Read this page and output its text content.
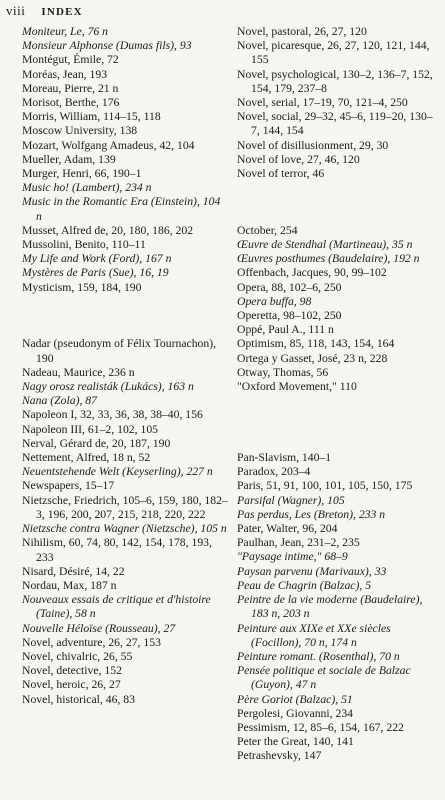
viii INDEX
Moniteur, Le, 76 n
Monsieur Alphonse (Dumas fils), 93
Montégut, Émile, 72
Moréas, Jean, 193
Moreau, Pierre, 21 n
Morisot, Berthe, 176
Morris, William, 114–15, 118
Moscow University, 138
Mozart, Wolfgang Amadeus, 42, 104
Mueller, Adam, 139
Murger, Henri, 66, 190–1
Music ho! (Lambert), 234 n
Music in the Romantic Era (Einstein), 104 n
Musset, Alfred de, 20, 180, 186, 202
Mussolini, Benito, 110–11
My Life and Work (Ford), 167 n
Mystères de Paris (Sue), 16, 19
Mysticism, 159, 184, 190
Nadar (pseudonym of Félix Tournachon), 190
Nadeau, Maurice, 236 n
Nagy orosz realisták (Lukács), 163 n
Nana (Zola), 87
Napoleon I, 32, 33, 36, 38, 38–40, 156
Napoleon III, 61–2, 102, 105
Nerval, Gérard de, 20, 187, 190
Nettement, Alfred, 18 n, 52
Neuentstehende Welt (Keyserling), 227 n
Newspapers, 15–17
Nietzsche, Friedrich, 105–6, 159, 180, 182–3, 196, 200, 207, 215, 218, 220, 222
Nietzsche contra Wagner (Nietzsche), 105 n
Nihilism, 60, 74, 80, 142, 154, 178, 193, 233
Nisard, Désiré, 14, 22
Nordau, Max, 187 n
Nouveaux essais de critique et d'histoire (Taine), 58 n
Nouvelle Héloïse (Rousseau), 27
Novel, adventure, 26, 27, 153
Novel, chivalric, 26, 55
Novel, detective, 152
Novel, heroic, 26, 27
Novel, historical, 46, 83
Novel, pastoral, 26, 27, 120
Novel, picaresque, 26, 27, 120, 121, 144, 155
Novel, psychological, 130–2, 136–7, 152, 154, 179, 237–8
Novel, serial, 17–19, 70, 121–4, 250
Novel, social, 29–32, 45–6, 119–20, 130–7, 144, 154
Novel of disillusionment, 29, 30
Novel of love, 27, 46, 120
Novel of terror, 46
October, 254
Œuvre de Stendhal (Martineau), 35 n
Œuvres posthumes (Baudelaire), 192 n
Offenbach, Jacques, 90, 99–102
Opera, 88, 102–6, 250
Opera buffa, 98
Operetta, 98–102, 250
Oppé, Paul A., 111 n
Optimism, 85, 118, 143, 154, 164
Ortega y Gasset, José, 23 n, 228
Otway, Thomas, 56
"Oxford Movement," 110
Pan-Slavism, 140–1
Paradox, 203–4
Paris, 51, 91, 100, 101, 105, 150, 175
Parsifal (Wagner), 105
Pas perdus, Les (Breton), 233 n
Pater, Walter, 96, 204
Paulhan, Jean, 231–2, 235
"Paysage intime," 68–9
Paysan parvenu (Marivaux), 33
Peau de Chagrin (Balzac), 5
Peintre de la vie moderne (Baudelaire), 183 n, 203 n
Peinture aux XIXe et XXe siècles (Focillon), 70 n, 174 n
Peinture romant. (Rosenthal), 70 n
Pensée politique et sociale de Balzac (Guyon), 47 n
Père Goriot (Balzac), 51
Pergolesi, Giovanni, 234
Pessimism, 12, 85–6, 154, 167, 222
Peter the Great, 140, 141
Petrashevsky, 147
